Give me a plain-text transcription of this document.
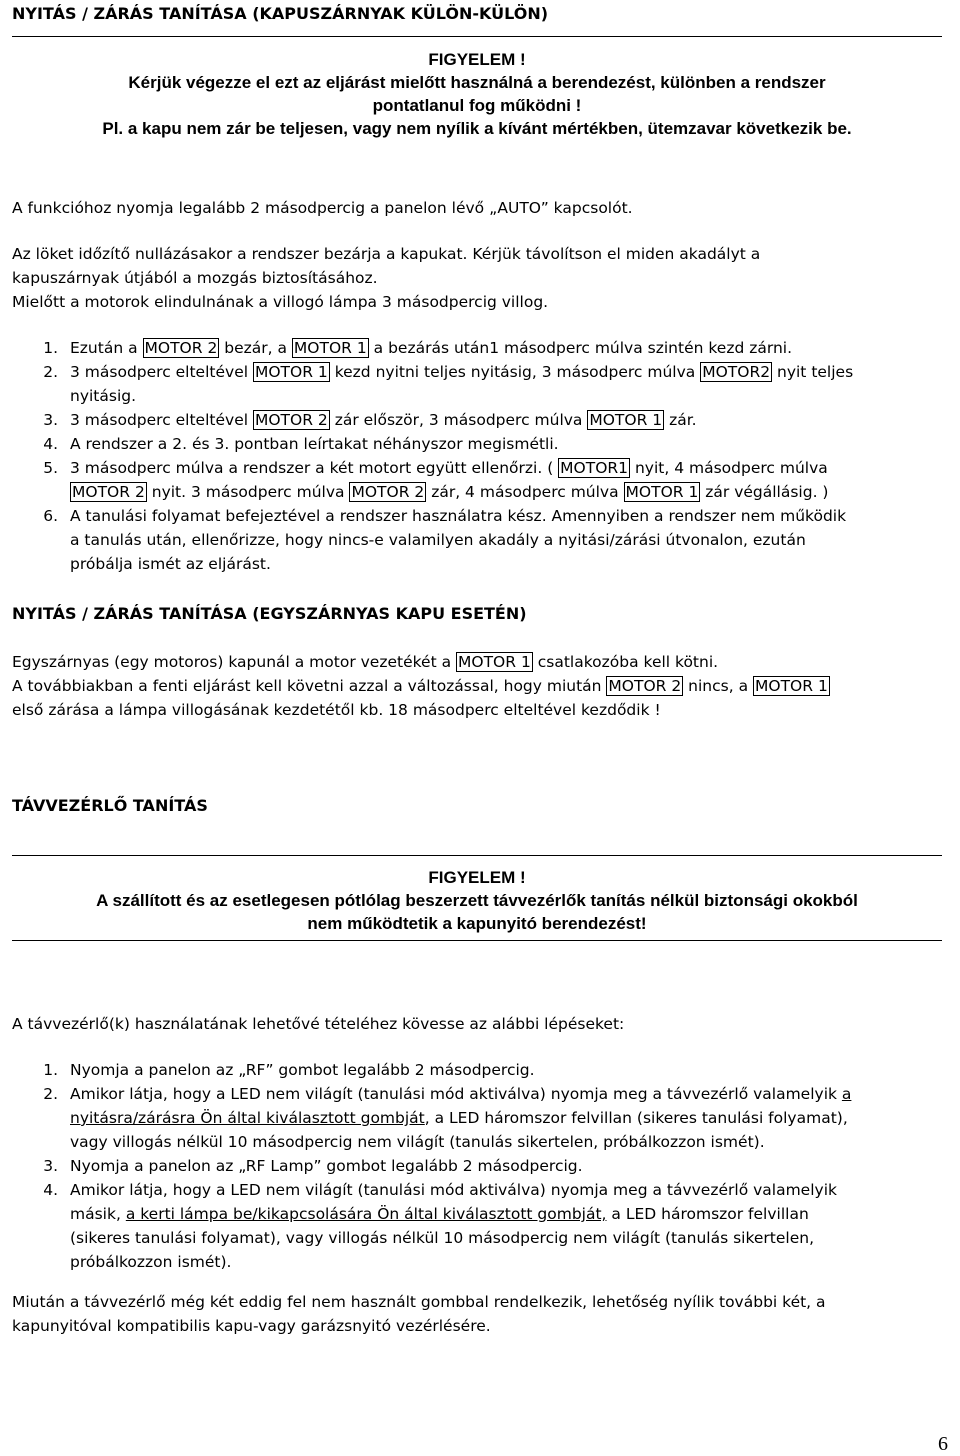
NYITÁS / ZÁRÁS TANÍTÁSA (KAPUSZÁRNYAK KÜLÖN-KÜLÖN)
FIGYELEM !
Kérjük végezze el ezt az eljárást mielőtt használná a berendezést, különben a rendszer
pontatlanul fog működni !
Pl. a kapu nem zár be teljesen, vagy nem nyílik a kívánt mértékben, ütemzavar következik be.
A funkcióhoz nyomja legalább 2 másodpercig a panelon lévő „AUTO” kapcsolót.
Az löket időzítő nullázásakor a rendszer bezárja a kapukat. Kérjük távolítson el miden akadályt a
kapuszárnyak útjából a mozgás biztosításához.
Mielőtt a motorok elindulnának a villogó lámpa 3 másodpercig villog.
1. Ezután a MOTOR 2 bezár, a MOTOR 1 a bezárás után1 másodperc múlva szintén kezd zárni.
2. 3 másodperc elteltével MOTOR 1 kezd nyitni teljes nyitásig, 3 másodperc múlva MOTOR2 nyit teljes
nyitásig.
3. 3 másodperc elteltével MOTOR 2 zár először, 3 másodperc múlva MOTOR 1 zár.
4. A rendszer a 2. és 3. pontban leírtakat néhányszor megismétli.
5. 3 másodperc múlva a rendszer a két motort együtt ellenőrzi. ( MOTOR1 nyit, 4 másodperc múlva
MOTOR 2 nyit. 3 másodperc múlva MOTOR 2 zár, 4 másodperc múlva MOTOR 1 zár végállásig. )
6. A tanulási folyamat befejeztével a rendszer használatra kész. Amennyiben a rendszer nem működik
a tanulás után, ellenőrizze, hogy nincs-e valamilyen akadály a nyitási/zárási útvonalon, ezután
próbálja ismét az eljárást.
NYITÁS / ZÁRÁS TANÍTÁSA (EGYSZÁRNYAS KAPU ESETÉN)
Egyszárnyas (egy motoros) kapunál a motor vezetékét a MOTOR 1 csatlakozóba kell kötni.
A továbbiakban a fenti eljárást kell követni azzal a változással, hogy miután MOTOR 2 nincs, a MOTOR 1
első zárása a lámpa villogásának kezdetétől kb. 18 másodperc elteltével kezdődik !
TÁVVEZÉRLŐ TANÍTÁS
FIGYELEM !
A szállított és az esetlegesen pótlólag beszerzett távvezérlők tanítás nélkül biztonsági okokból
nem működtetik a kapunyitó berendezést!
A távvezérlő(k) használatának lehetővé tételéhez kövesse az alábbi lépéseket:
1. Nyomja a panelon az „RF” gombot legalább 2 másodpercig.
2. Amikor látja, hogy a LED nem világít (tanulási mód aktiválva) nyomja meg a távvezérlő valamelyik a
nyitásra/zárásra Ön által kiválasztott gombját, a LED háromszor felvillan (sikeres tanulási folyamat),
vagy villogás nélkül 10 másodpercig nem világít (tanulás sikertelen, próbálkozzon ismét).
3. Nyomja a panelon az „RF Lamp” gombot legalább 2 másodpercig.
4. Amikor látja, hogy a LED nem világít (tanulási mód aktiválva) nyomja meg a távvezérlő valamelyik
másik, a kerti lámpa be/kikapcsolására Ön által kiválasztott gombját, a LED háromszor felvillan
(sikeres tanulási folyamat), vagy villogás nélkül 10 másodpercig nem világít (tanulás sikertelen,
próbálkozzon ismét).
Miután a távvezérlő még két eddig fel nem használt gombbal rendelkezik, lehetőség nyílik további két, a
kapunyitóval kompatibilis kapu-vagy garázsnyitó vezérlésére.
6
